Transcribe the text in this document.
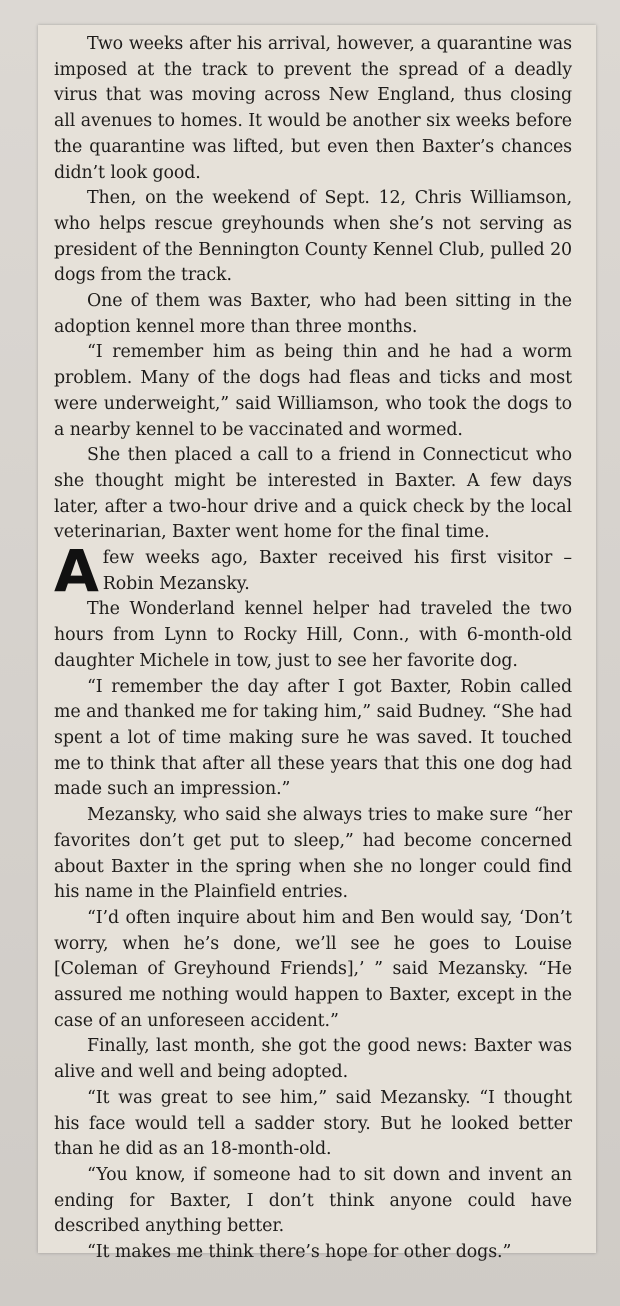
Two weeks after his arrival, however, a quarantine was imposed at the track to prevent the spread of a deadly virus that was moving across New England, thus closing all avenues to homes. It would be another six weeks before the quarantine was lifted, but even then Baxter’s chances didn’t look good.

Then, on the weekend of Sept. 12, Chris Williamson, who helps rescue greyhounds when she’s not serving as president of the Bennington County Kennel Club, pulled 20 dogs from the track.

One of them was Baxter, who had been sitting in the adoption kennel more than three months.

“I remember him as being thin and he had a worm problem. Many of the dogs had fleas and ticks and most were underweight,” said Williamson, who took the dogs to a nearby kennel to be vaccinated and wormed.

She then placed a call to a friend in Connecticut who she thought might be interested in Baxter. A few days later, after a two-hour drive and a quick check by the local veterinarian, Baxter went home for the final time.

A few weeks ago, Baxter received his first visitor – Robin Mezansky.

The Wonderland kennel helper had traveled the two hours from Lynn to Rocky Hill, Conn., with 6-month-old daughter Michele in tow, just to see her favorite dog.

“I remember the day after I got Baxter, Robin called me and thanked me for taking him,” said Budney. “She had spent a lot of time making sure he was saved. It touched me to think that after all these years that this one dog had made such an impression.”

Mezansky, who said she always tries to make sure “her favorites don’t get put to sleep,” had become concerned about Baxter in the spring when she no longer could find his name in the Plainfield entries.

“I’d often inquire about him and Ben would say, ‘Don’t worry, when he’s done, we’ll see he goes to Louise [Coleman of Greyhound Friends],’ ” said Mezansky. “He assured me nothing would happen to Baxter, except in the case of an unforeseen accident.”

Finally, last month, she got the good news: Baxter was alive and well and being adopted.

“It was great to see him,” said Mezansky. “I thought his face would tell a sadder story. But he looked better than he did as an 18-month-old.

“You know, if someone had to sit down and invent an ending for Baxter, I don’t think anyone could have described anything better.

“It makes me think there’s hope for other dogs.”
